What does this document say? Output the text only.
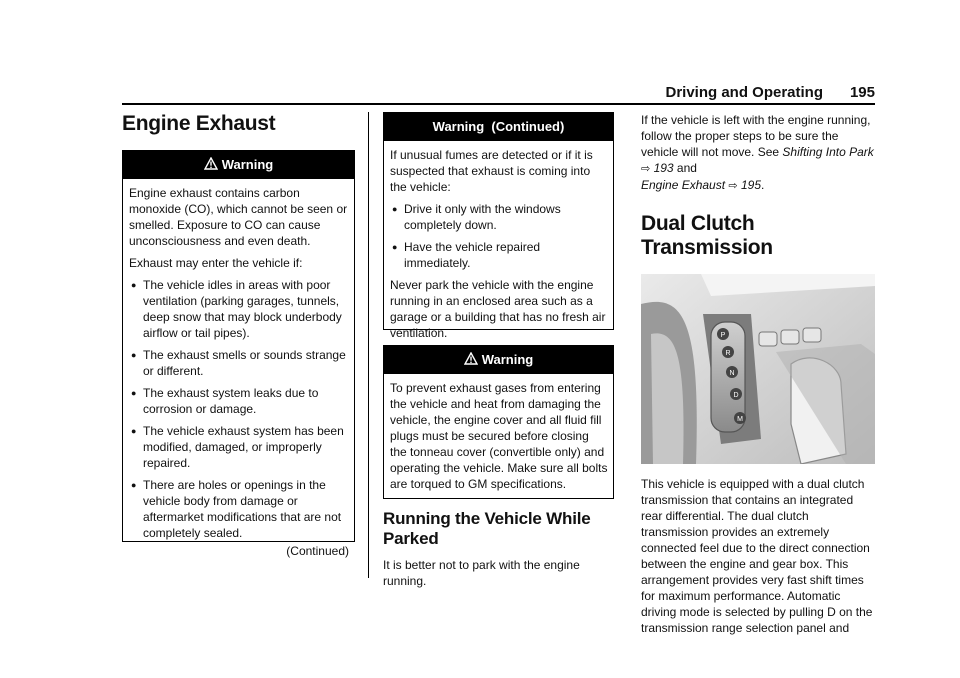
Driving and Operating 195
Engine Exhaust
Warning

Engine exhaust contains carbon monoxide (CO), which cannot be seen or smelled. Exposure to CO can cause unconsciousness and even death.

Exhaust may enter the vehicle if:

● The vehicle idles in areas with poor ventilation (parking garages, tunnels, deep snow that may block underbody airflow or tail pipes).
● The exhaust smells or sounds strange or different.
● The exhaust system leaks due to corrosion or damage.
● The vehicle exhaust system has been modified, damaged, or improperly repaired.
● There are holes or openings in the vehicle body from damage or aftermarket modifications that are not completely sealed.
(Continued)
Warning  (Continued)

If unusual fumes are detected or if it is suspected that exhaust is coming into the vehicle:

● Drive it only with the windows completely down.
● Have the vehicle repaired immediately.

Never park the vehicle with the engine running in an enclosed area such as a garage or a building that has no fresh air ventilation.

Warning

To prevent exhaust gases from entering the vehicle and heat from damaging the vehicle, the engine cover and all fluid fill plugs must be secured before closing the tonneau cover (convertible only) and operating the vehicle. Make sure all bolts are torqued to GM specifications.

Running the Vehicle While Parked

It is better not to park with the engine running.

If the vehicle is left with the engine running, follow the proper steps to be sure the vehicle will not move. See Shifting Into Park
⇨ 193 and
Engine Exhaust ⇨ 195.

Dual Clutch Transmission
P
R
N
D
M

This vehicle is equipped with a dual clutch transmission that contains an integrated rear differential. The dual clutch transmission provides an extremely connected feel due to the direct connection between the engine and gear box. This arrangement provides very fast shift times for maximum performance. Automatic driving mode is selected by pulling D on the transmission range selection panel and
